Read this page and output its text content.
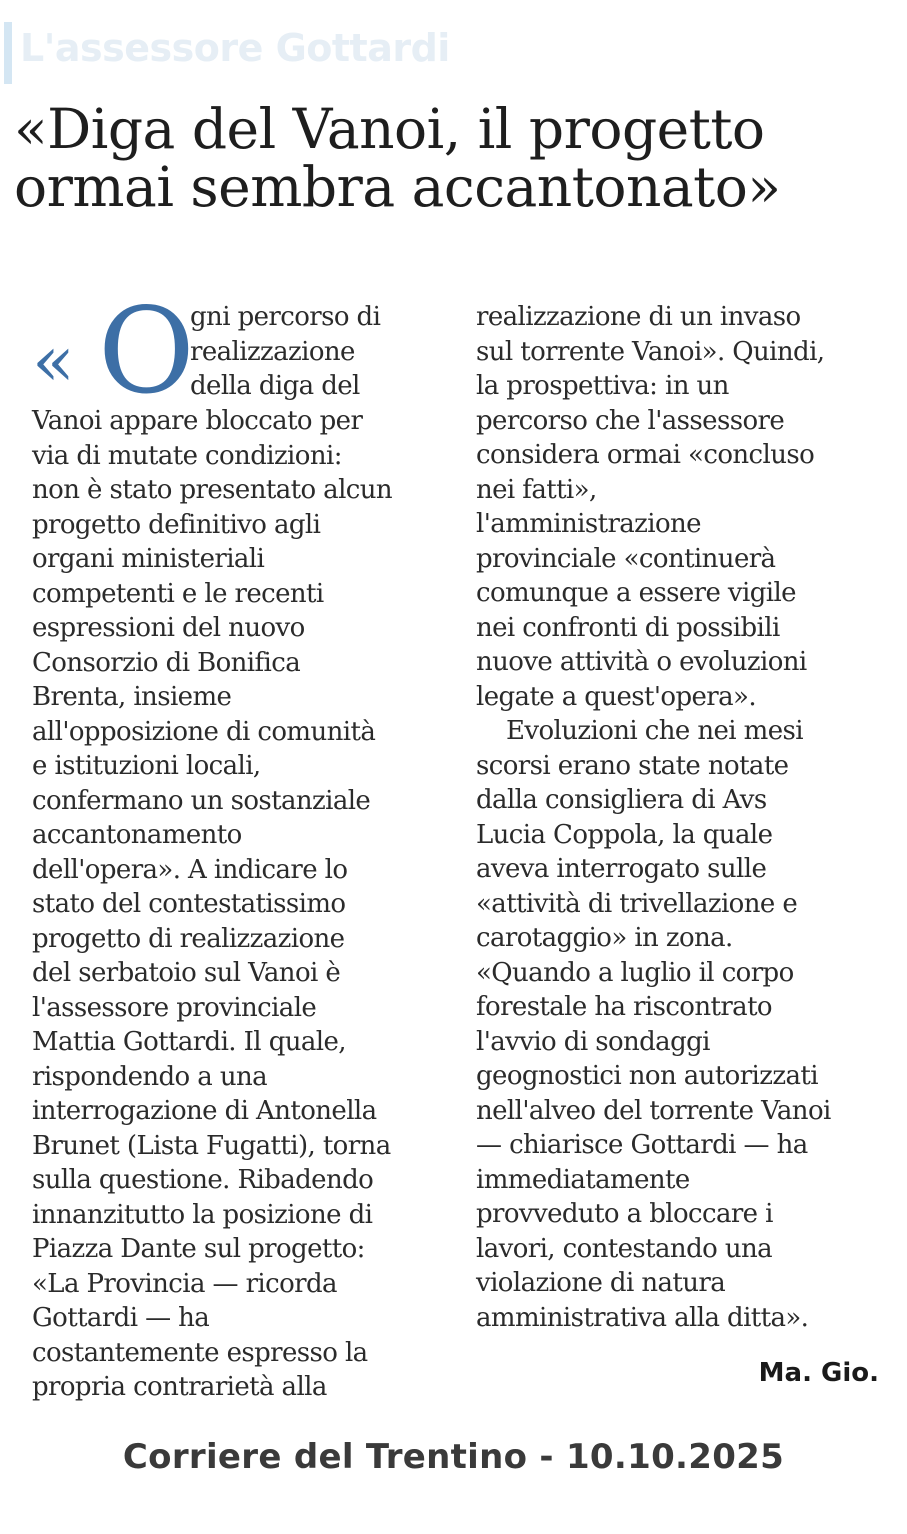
L'assessore Gottardi
«Diga del Vanoi, il progetto
ormai sembra accantonato»
« O
gni percorso di
realizzazione
della diga del
Vanoi appare bloccato per
via di mutate condizioni:
non è stato presentato alcun
progetto definitivo agli
organi ministeriali
competenti e le recenti
espressioni del nuovo
Consorzio di Bonifica
Brenta, insieme
all'opposizione di comunità
e istituzioni locali,
confermano un sostanziale
accantonamento
dell'opera». A indicare lo
stato del contestatissimo
progetto di realizzazione
del serbatoio sul Vanoi è
l'assessore provinciale
Mattia Gottardi. Il quale,
rispondendo a una
interrogazione di Antonella
Brunet (Lista Fugatti), torna
sulla questione. Ribadendo
innanzitutto la posizione di
Piazza Dante sul progetto:
«La Provincia — ricorda
Gottardi — ha
costantemente espresso la
propria contrarietà alla
realizzazione di un invaso
sul torrente Vanoi». Quindi,
la prospettiva: in un
percorso che l'assessore
considera ormai «concluso
nei fatti»,
l'amministrazione
provinciale «continuerà
comunque a essere vigile
nei confronti di possibili
nuove attività o evoluzioni
legate a quest'opera».
Evoluzioni che nei mesi
scorsi erano state notate
dalla consigliera di Avs
Lucia Coppola, la quale
aveva interrogato sulle
«attività di trivellazione e
carotaggio» in zona.
«Quando a luglio il corpo
forestale ha riscontrato
l'avvio di sondaggi
geognostici non autorizzati
nell'alveo del torrente Vanoi
— chiarisce Gottardi — ha
immediatamente
provveduto a bloccare i
lavori, contestando una
violazione di natura
amministrativa alla ditta».
Ma. Gio.
Corriere del Trentino - 10.10.2025
